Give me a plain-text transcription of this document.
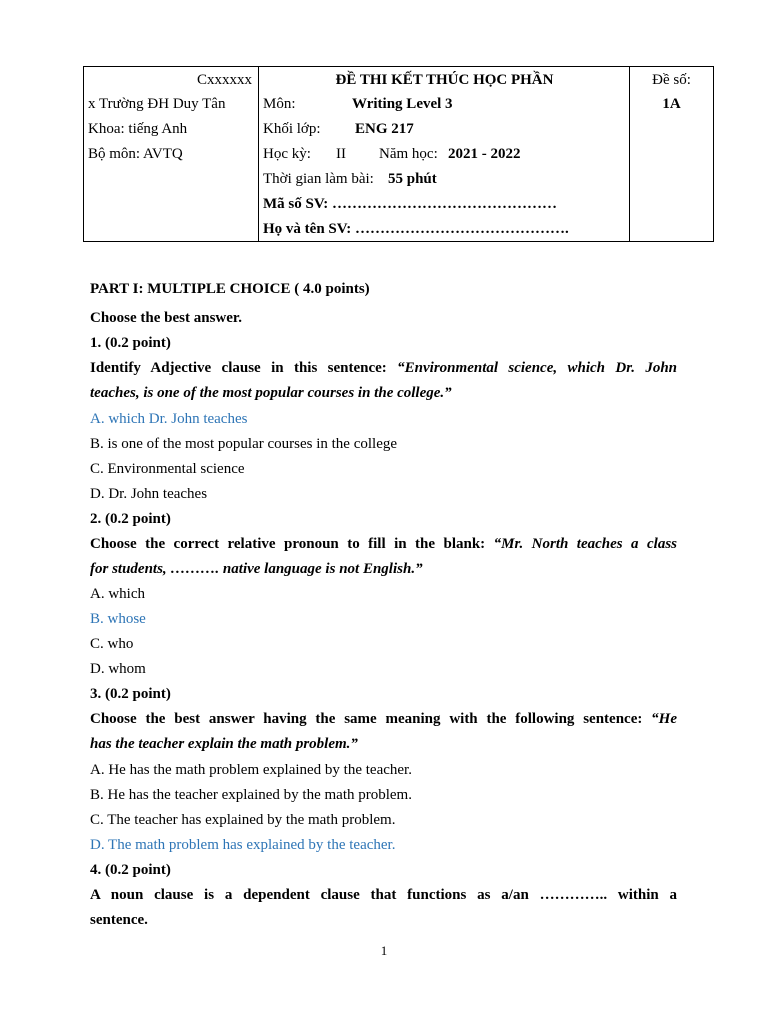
Cxxxxxx
x Trường ĐH Duy Tân
Khoa: tiếng Anh
Bộ môn: AVTQ
ĐỀ THI KẾT THÚC HỌC PHẦN
Môn:	Writing Level 3
Khối lớp: ENG 217
Học kỳ: II Năm học: 2021 - 2022
Thời gian làm bài: 55 phút
Mã số SV: ………………………………………
Họ và tên SV: …………………………………….
Đề số:
1A
PART I: MULTIPLE CHOICE ( 4.0 points)
Choose the best answer.
1. (0.2 point)
Identify Adjective clause in this sentence: “Environmental science, which Dr. John
teaches, is one of the most popular courses in the college.”
A. which Dr. John teaches
B. is one of the most popular courses in the college
C. Environmental science
D. Dr. John teaches
2. (0.2 point)
Choose the correct relative pronoun to fill in the blank: “Mr. North teaches a class
for students, ………. native language is not English.”
A. which
B. whose
C. who
D. whom
3. (0.2 point)
Choose the best answer having the same meaning with the following sentence: “He
has the teacher explain the math problem.”
A. He has the math problem explained by the teacher.
B. He has the teacher explained by the math problem.
C. The teacher has explained by the math problem.
D. The math problem has explained by the teacher.
4. (0.2 point)
A noun clause is a dependent clause that functions as a/an ………….. within a
sentence.
1
